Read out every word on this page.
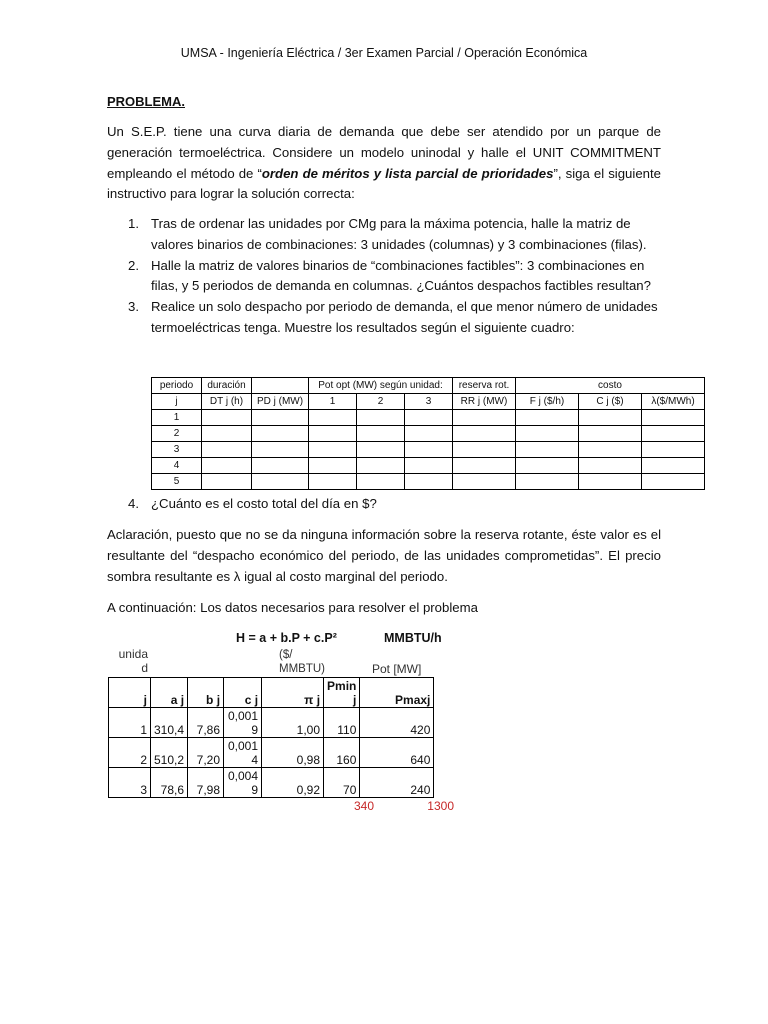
UMSA - Ingeniería Eléctrica / 3er Examen Parcial / Operación Económica
PROBLEMA.
Un S.E.P. tiene una curva diaria de demanda que debe ser atendido por un parque de generación termoeléctrica. Considere un modelo uninodal y halle el UNIT COMMITMENT empleando el método de “orden de méritos y lista parcial de prioridades”, siga el siguiente instructivo para lograr la solución correcta:
1. Tras de ordenar las unidades por CMg para la máxima potencia, halle la matriz de valores binarios de combinaciones: 3 unidades (columnas) y 3 combinaciones (filas).
2. Halle la matriz de valores binarios de “combinaciones factibles”: 3 combinaciones en filas, y 5 periodos de demanda en columnas. ¿Cuántos despachos factibles resultan?
3. Realice un solo despacho por periodo de demanda, el que menor número de unidades termoeléctricas tenga. Muestre los resultados según el siguiente cuadro:
periodo	duración		Pot opt (MW) según unidad:			reserva rot.	costo		
j	DT j (h)	PD j (MW)	1	2	3	RR j (MW)	F j ($/h)	C j ($)	λ($/MWh)
1									
2									
3									
4									
5									
4. ¿Cuánto es el costo total del día en $?
Aclaración, puesto que no se da ninguna información sobre la reserva rotante, éste valor es el resultante del “despacho económico del periodo, de las unidades comprometidas”. El precio sombra resultante es λ igual al costo marginal del periodo.
A continuación: Los datos necesarios para resolver el problema
H = a + b.P + c.P²	MMBTU/h
unida d
($/ MMBTU)	Pot [MW]
j	a j	b j	c j	π j	Pmin j	Pmaxj
1	310,4	7,86	0,001 9	1,00	110	420
2	510,2	7,20	0,001 4	0,98	160	640
3	78,6	7,98	0,004 9	0,92	70	240
340	1300
